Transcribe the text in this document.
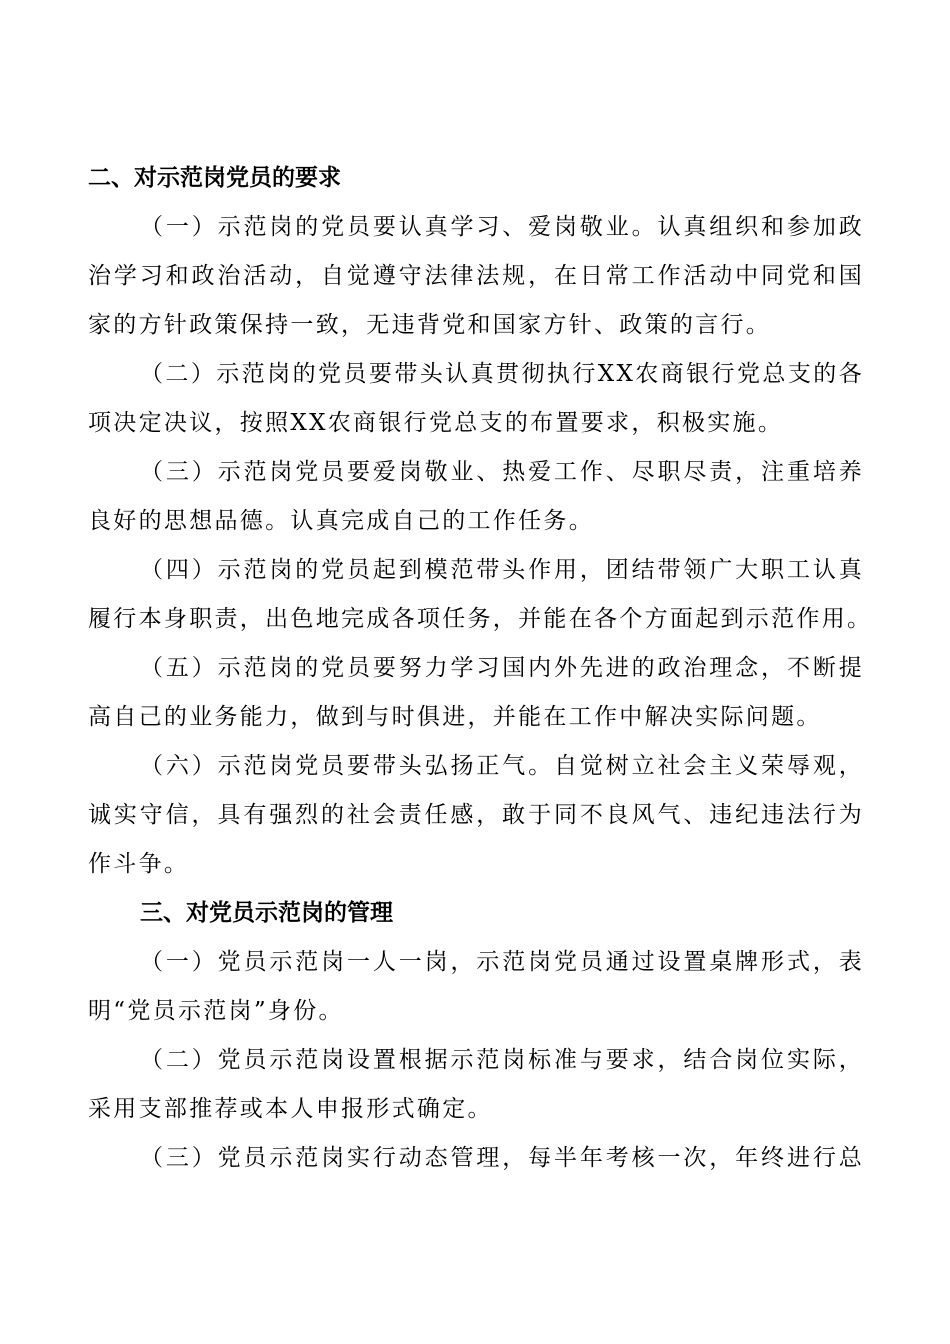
二、对示范岗党员的要求

（一）示范岗的党员要认真学习、爱岗敬业。认真组织和参加政
治学习和政治活动，自觉遵守法律法规，在日常工作活动中同党和国
家的方针政策保持一致，无违背党和国家方针、政策的言行。

（二）示范岗的党员要带头认真贯彻执行XX农商银行党总支的各
项决定决议，按照XX农商银行党总支的布置要求，积极实施。

（三）示范岗党员要爱岗敬业、热爱工作、尽职尽责，注重培养
良好的思想品德。认真完成自己的工作任务。

（四）示范岗的党员起到模范带头作用，团结带领广大职工认真
履行本身职责，出色地完成各项任务，并能在各个方面起到示范作用。

（五）示范岗的党员要努力学习国内外先进的政治理念，不断提
高自己的业务能力，做到与时俱进，并能在工作中解决实际问题。

（六）示范岗党员要带头弘扬正气。自觉树立社会主义荣辱观，
诚实守信，具有强烈的社会责任感，敢于同不良风气、违纪违法行为
作斗争。

三、对党员示范岗的管理

（一）党员示范岗一人一岗，示范岗党员通过设置桌牌形式，表
明“党员示范岗”身份。

（二）党员示范岗设置根据示范岗标准与要求，结合岗位实际，
采用支部推荐或本人申报形式确定。

（三）党员示范岗实行动态管理，每半年考核一次，年终进行总
